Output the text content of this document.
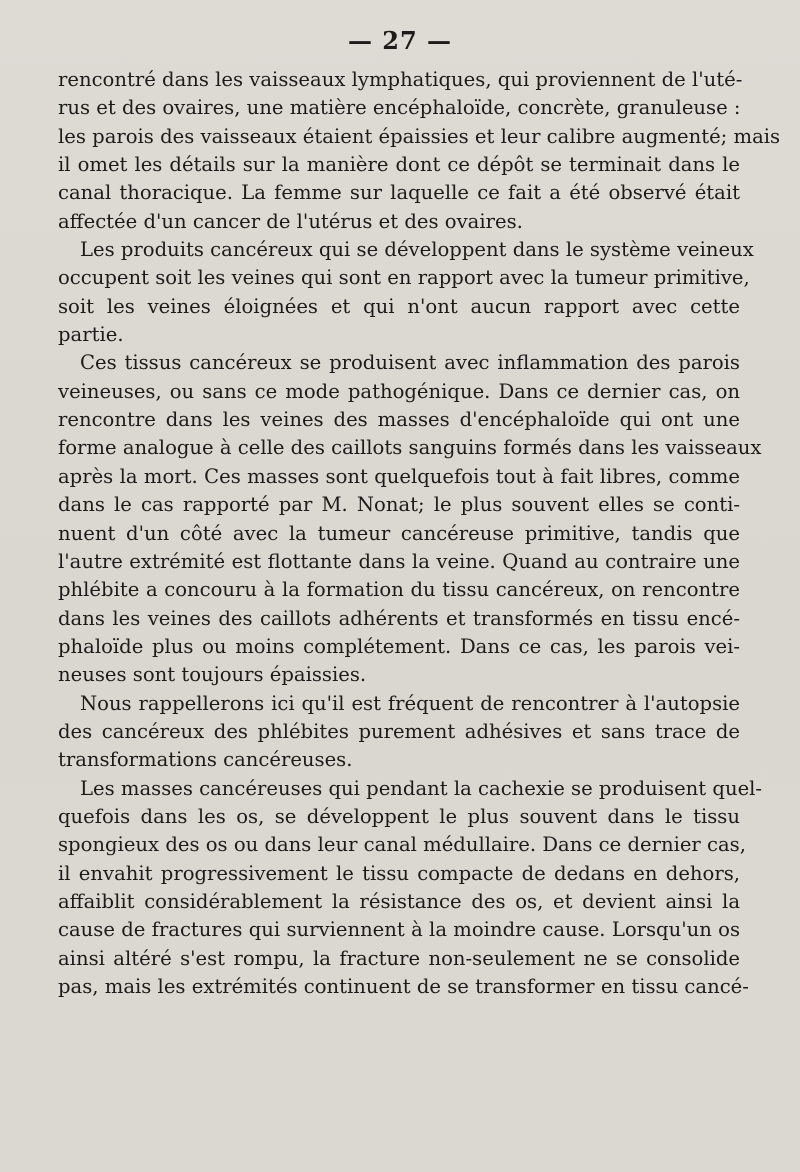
— 27 —
rencontré dans les vaisseaux lymphatiques, qui proviennent de l'uté-
rus et des ovaires, une matière encéphaloïde, concrète, granuleuse :
les parois des vaisseaux étaient épaissies et leur calibre augmenté; mais
il omet les détails sur la manière dont ce dépôt se terminait dans le
canal thoracique. La femme sur laquelle ce fait a été observé était
affectée d'un cancer de l'utérus et des ovaires.
Les produits cancéreux qui se développent dans le système veineux
occupent soit les veines qui sont en rapport avec la tumeur primitive,
soit les veines éloignées et qui n'ont aucun rapport avec cette
partie.
Ces tissus cancéreux se produisent avec inflammation des parois
veineuses, ou sans ce mode pathogénique. Dans ce dernier cas, on
rencontre dans les veines des masses d'encéphaloïde qui ont une
forme analogue à celle des caillots sanguins formés dans les vaisseaux
après la mort. Ces masses sont quelquefois tout à fait libres, comme
dans le cas rapporté par M. Nonat; le plus souvent elles se conti-
nuent d'un côté avec la tumeur cancéreuse primitive, tandis que
l'autre extrémité est flottante dans la veine. Quand au contraire une
phlébite a concouru à la formation du tissu cancéreux, on rencontre
dans les veines des caillots adhérents et transformés en tissu encé-
phaloïde plus ou moins complétement. Dans ce cas, les parois vei-
neuses sont toujours épaissies.
Nous rappellerons ici qu'il est fréquent de rencontrer à l'autopsie
des cancéreux des phlébites purement adhésives et sans trace de
transformations cancéreuses.
Les masses cancéreuses qui pendant la cachexie se produisent quel-
quefois dans les os, se développent le plus souvent dans le tissu
spongieux des os ou dans leur canal médullaire. Dans ce dernier cas,
il envahit progressivement le tissu compacte de dedans en dehors,
affaiblit considérablement la résistance des os, et devient ainsi la
cause de fractures qui surviennent à la moindre cause. Lorsqu'un os
ainsi altéré s'est rompu, la fracture non-seulement ne se consolide
pas, mais les extrémités continuent de se transformer en tissu cancé-
